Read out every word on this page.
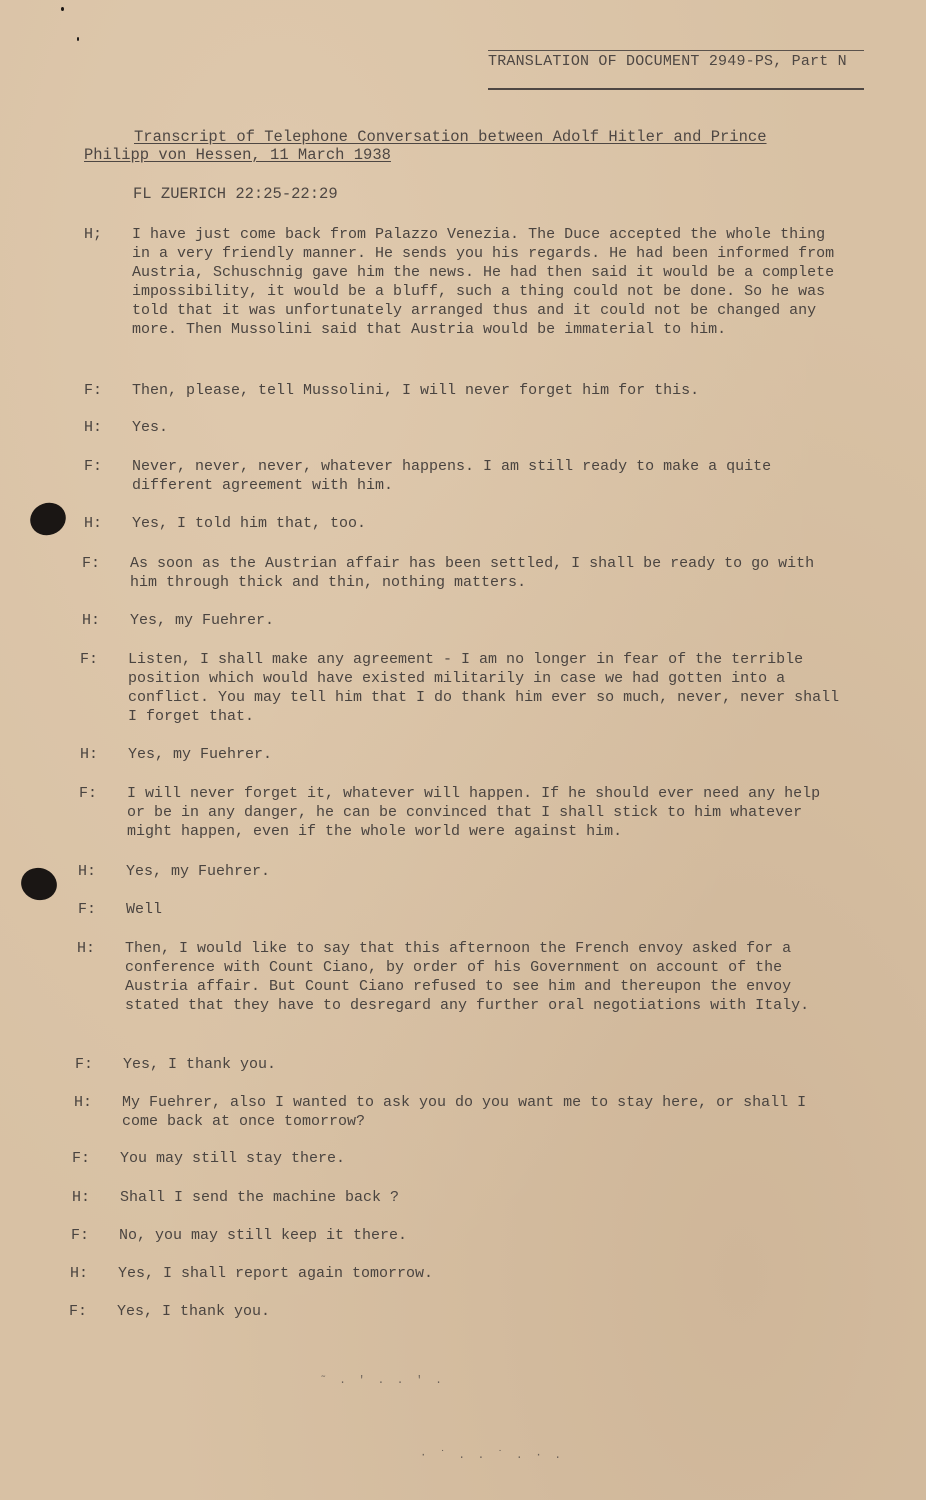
TRANSLATION OF DOCUMENT 2949-PS, Part N
Transcript of Telephone Conversation between Adolf Hitler and Prince
Philipp von Hessen, 11 March 1938
FL ZUERICH 22:25-22:29
H;	I have just come back from Palazzo Venezia. The Duce accepted the whole thing in a very friendly manner. He sends you his regards. He had been informed from Austria, Schuschnig gave him the news. He had then said it would be a complete impossibility, it would be a bluff, such a thing could not be done. So he was told that it was unfortunately arranged thus and it could not be changed any more. Then Mussolini said that Austria would be immaterial to him.
F:	Then, please, tell Mussolini, I will never forget him for this.
H:	Yes.
F:	Never, never, never, whatever happens. I am still ready to make a quite different agreement with him.
H:	Yes, I told him that, too.
F:	As soon as the Austrian affair has been settled, I shall be ready to go with him through thick and thin, nothing matters.
H:	Yes, my Fuehrer.
F:	Listen, I shall make any agreement - I am no longer in fear of the terrible position which would have existed militarily in case we had gotten into a conflict. You may tell him that I do thank him ever so much, never, never shall I forget that.
H:	Yes, my Fuehrer.
F:	I will never forget it, whatever will happen. If he should ever need any help or be in any danger, he can be convinced that I shall stick to him whatever might happen, even if the whole world were against him.
H:	Yes, my Fuehrer.
F:	Well
H:	Then, I would like to say that this afternoon the French envoy asked for a conference with Count Ciano, by order of his Government on account of the Austria affair. But Count Ciano refused to see him and thereupon the envoy stated that they have to desregard any further oral negotiations with Italy.
F:	Yes, I thank you.
H:	My Fuehrer, also I wanted to ask you do you want me to stay here, or shall I come back at once tomorrow?
F:	You may still stay there.
H:	Shall I send the machine back ?
F:	No, you may still keep it there.
H:	Yes, I shall report again tomorrow.
F:	Yes, I thank you.
˜ . ' . . ' .
· ˙ . . ˙ . · .
